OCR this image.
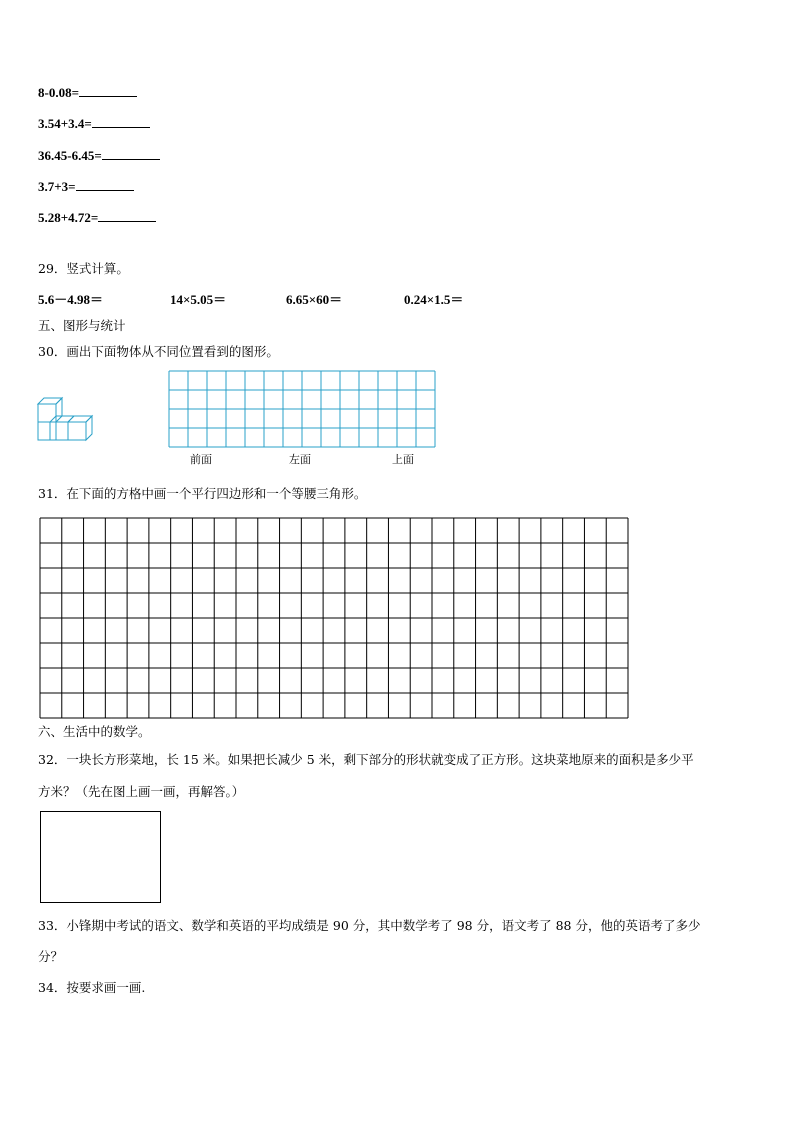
8-0.08=
3.54+3.4=
36.45-6.45=
3.7+3=
5.28+4.72=
29．竖式计算。
5.6－4.98＝	14×5.05＝	6.65×60＝	0.24×1.5＝
五、图形与统计
30．画出下面物体从不同位置看到的图形。
前面	左面	上面
31．在下面的方格中画一个平行四边形和一个等腰三角形。
六、生活中的数学。
32．一块长方形菜地，长 15 米。如果把长减少 5 米，剩下部分的形状就变成了正方形。这块菜地原来的面积是多少平
方米？（先在图上画一画，再解答。）
33．小锋期中考试的语文、数学和英语的平均成绩是 90 分，其中数学考了 98 分，语文考了 88 分，他的英语考了多少
分？
34．按要求画一画.
